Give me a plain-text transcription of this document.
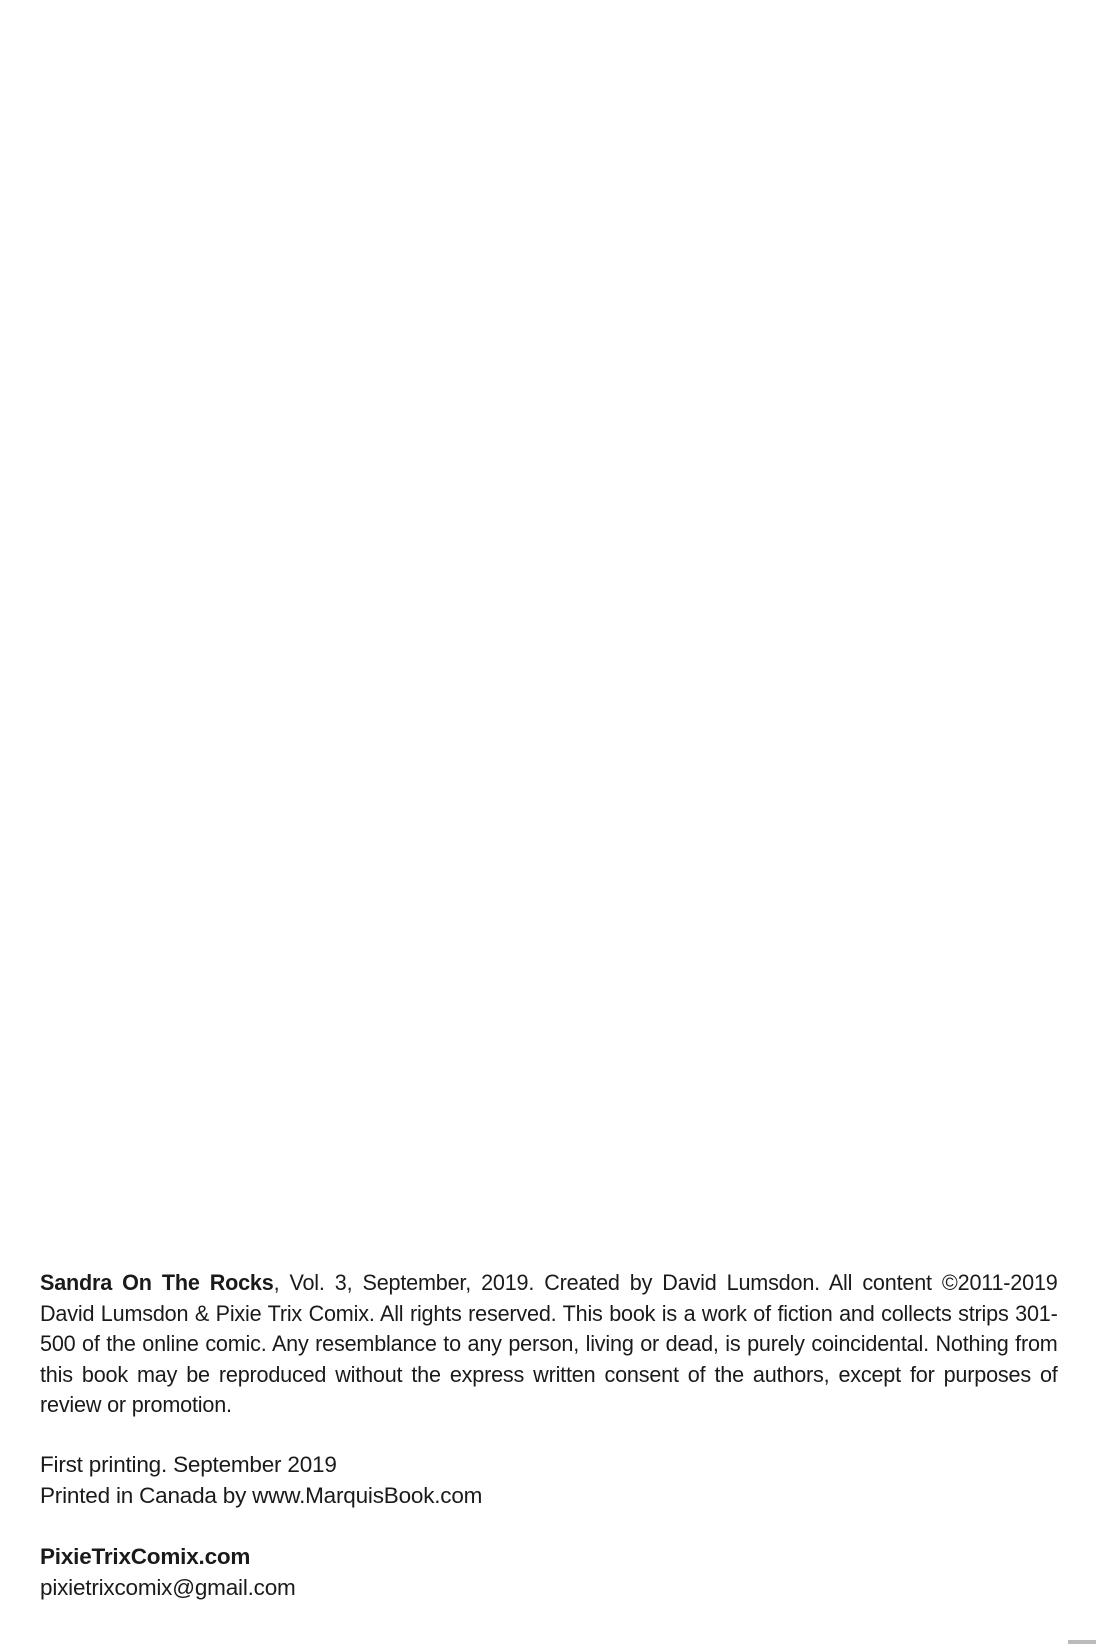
Sandra On The Rocks, Vol. 3, September, 2019. Created by David Lumsdon. All content ©2011-2019 David Lumsdon & Pixie Trix Comix. All rights reserved. This book is a work of fiction and collects strips 301-500 of the online comic. Any resemblance to any person, living or dead, is purely coincidental. Nothing from this book may be reproduced without the express written consent of the authors, except for purposes of review or promotion.
First printing. September 2019
Printed in Canada by www.MarquisBook.com
PixieTrixComix.com
pixietrixcomix@gmail.com
